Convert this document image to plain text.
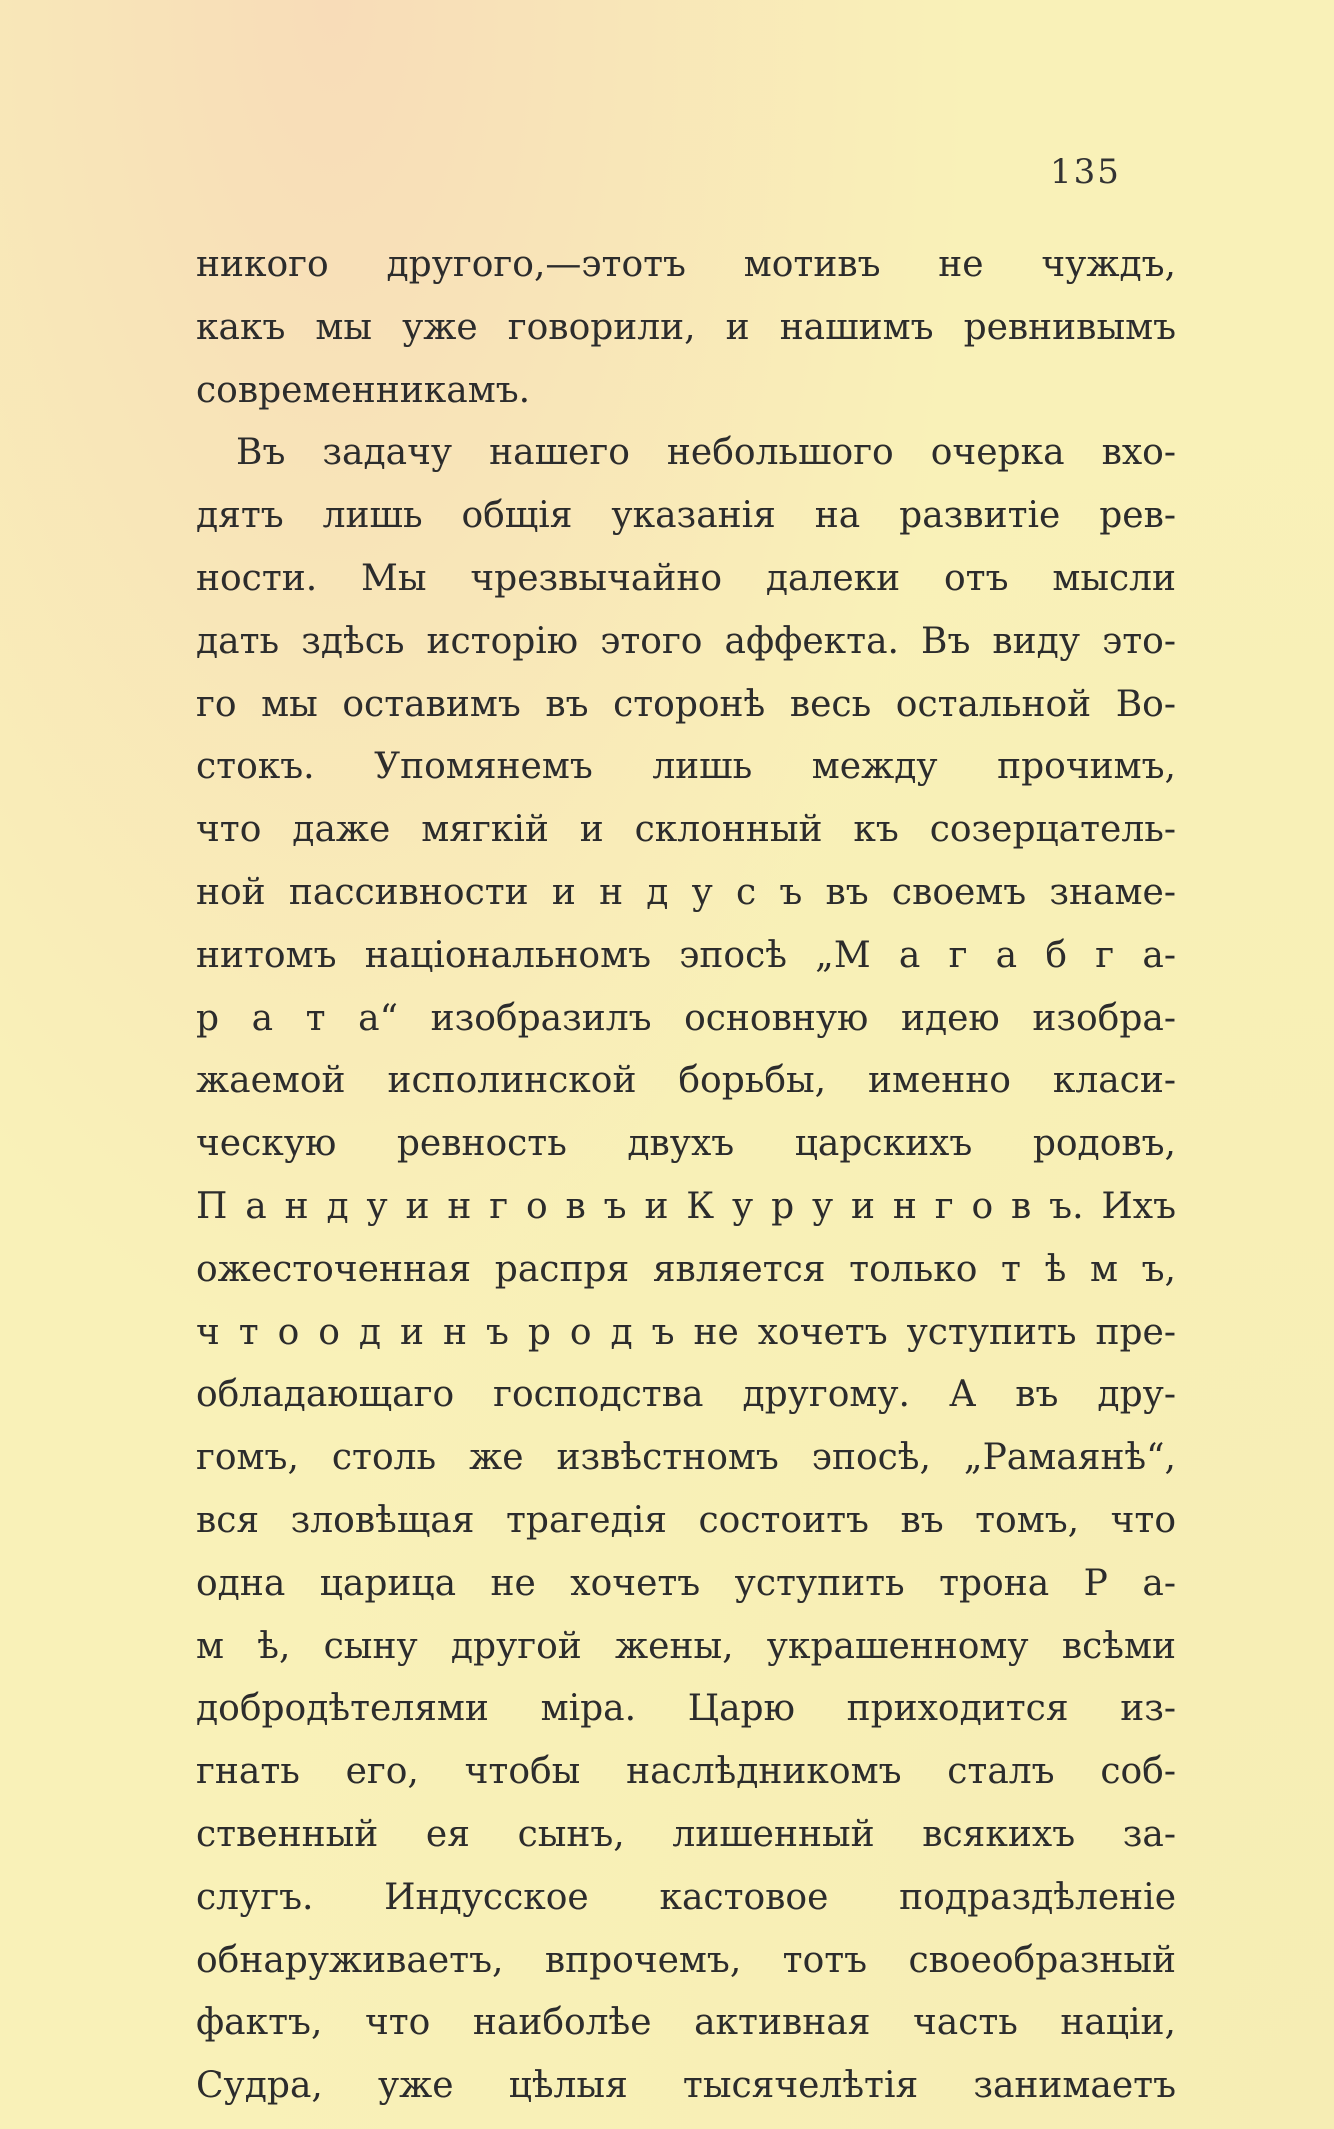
135
никого другого,—этотъ мотивъ не чуждъ,
какъ мы уже говорили, и нашимъ ревнивымъ
современникамъ.
Въ задачу нашего небольшого очерка вхо-
дятъ лишь общія указанія на развитіе рев-
ности. Мы чрезвычайно далеки отъ мысли
дать здѣсь исторію этого аффекта. Въ виду это-
го мы оставимъ въ сторонѣ весь остальной Во-
стокъ. Упомянемъ лишь между прочимъ,
что даже мягкій и склонный къ созерцатель-
ной пассивности и н д у с ъ въ своемъ знаме-
нитомъ національномъ эпосѣ „М а г а б г а-
р а т а“ изобразилъ основную идею изобра-
жаемой исполинской борьбы, именно класи-
ческую ревность двухъ царскихъ родовъ,
П а н д у и н г о в ъ и К у р у и н г о в ъ. Ихъ
ожесточенная распря является только т ѣ м ъ,
ч т о о д и н ъ р о д ъ не хочетъ уступить пре-
обладающаго господства другому. А въ дру-
гомъ, столь же извѣстномъ эпосѣ, „Рамаянѣ“,
вся зловѣщая трагедія состоитъ въ томъ, что
одна царица не хочетъ уступить трона Р а-
м ѣ, сыну другой жены, украшенному всѣми
добродѣтелями міра. Царю приходится из-
гнать его, чтобы наслѣдникомъ сталъ соб-
ственный ея сынъ, лишенный всякихъ за-
слугъ. Индусское кастовое подраздѣленіе
обнаруживаетъ, впрочемъ, тотъ своеобразный
фактъ, что наиболѣе активная часть націи,
Судра, уже цѣлыя тысячелѣтія занимаетъ
